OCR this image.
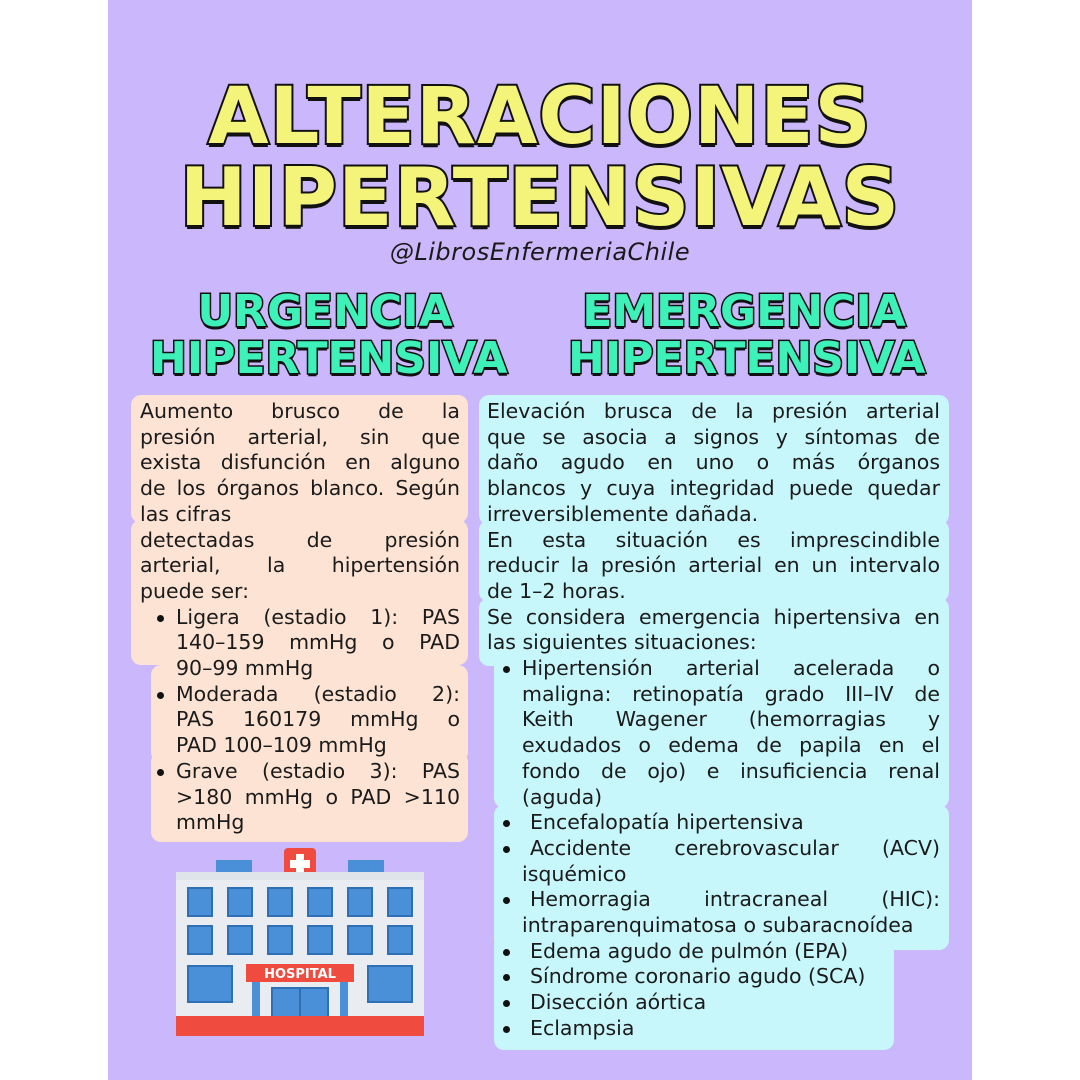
ALTERACIONES
HIPERTENSIVAS
@LibrosEnfermeriaChile
URGENCIA
HIPERTENSIVA
EMERGENCIA
HIPERTENSIVA
Aumento brusco de la
presión arterial, sin que
exista disfunción en alguno
de los órganos blanco. Según
las cifras
detectadas de presión
arterial, la hipertensión
puede ser:
Ligera (estadio 1): PAS
140–159 mmHg o PAD
90–99 mmHg
Moderada (estadio 2):
PAS 160179 mmHg o
PAD 100–109 mmHg
Grave (estadio 3): PAS
>180 mmHg o PAD >110
mmHg
Elevación brusca de la presión arterial
que se asocia a signos y síntomas de
daño agudo en uno o más órganos
blancos y cuya integridad puede quedar
irreversiblemente dañada.
En esta situación es imprescindible
reducir la presión arterial en un intervalo
de 1–2 horas.
Se considera emergencia hipertensiva en
las siguientes situaciones:
Hipertensión arterial acelerada o
maligna: retinopatía grado III–IV de
Keith Wagener (hemorragias y
exudados o edema de papila en el
fondo de ojo) e insuficiencia renal
(aguda)
Encefalopatía hipertensiva
Accidente cerebrovascular (ACV)
isquémico
Hemorragia intracraneal (HIC):
intraparenquimatosa o subaracnoídea
Edema agudo de pulmón (EPA)
Síndrome coronario agudo (SCA)
Disección aórtica
Eclampsia
HOSPITAL
